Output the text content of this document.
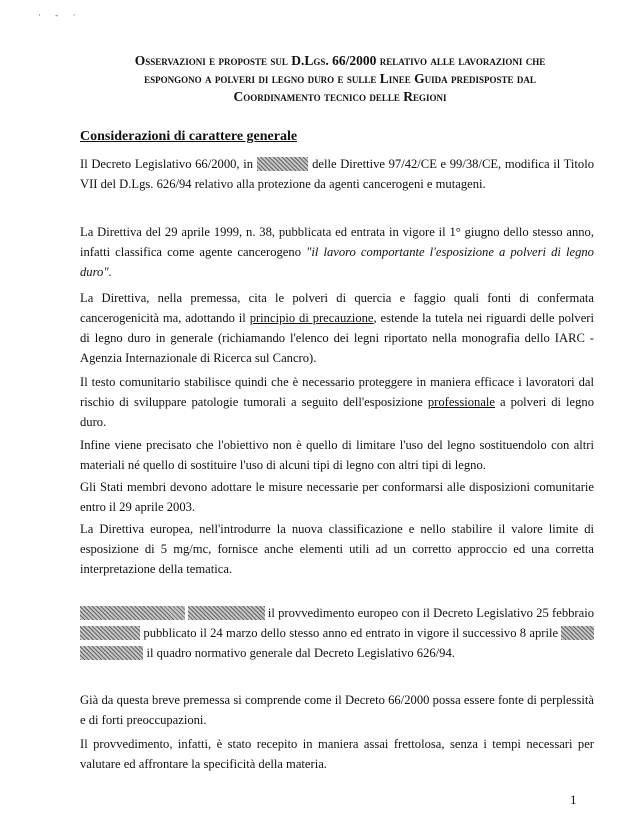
· - ·
Osservazioni e proposte sul D.Lgs. 66/2000 relativo alle lavorazioni che
espongono a polveri di legno duro e sulle Linee Guida predisposte dal
Coordinamento tecnico delle Regioni
Considerazioni di carattere generale

Il Decreto Legislativo 66/2000, in	delle Direttive 97/42/CE e 99/38/CE, modifica il Titolo VII del D.Lgs. 626/94 relativo alla protezione da agenti cancerogeni e mutageni.

La Direttiva del 29 aprile 1999, n. 38, pubblicata ed entrata in vigore il 1° giugno dello stesso anno, infatti classifica come agente cancerogeno "il lavoro comportante l'esposizione a polveri di legno duro".

La Direttiva, nella premessa, cita le polveri di quercia e faggio quali fonti di confermata cancerogenicità ma, adottando il principio di precauzione, estende la tutela nei riguardi delle polveri di legno duro in generale (richiamando l'elenco dei legni riportato nella monografia dello IARC - Agenzia Internazionale di Ricerca sul Cancro).

Il testo comunitario stabilisce quindi che è necessario proteggere in maniera efficace i lavoratori dal rischio di sviluppare patologie tumorali a seguito dell'esposizione professionale a polveri di legno duro.

Infine viene precisato che l'obiettivo non è quello di limitare l'uso del legno sostituendolo con altri materiali né quello di sostituire l'uso di alcuni tipi di legno con altri tipi di legno.

Gli Stati membri devono adottare le misure necessarie per conformarsi alle disposizioni comunitarie entro il 29 aprile 2003.

La Direttiva europea, nell'introdurre la nuova classificazione e nello stabilire il valore limite di esposizione di 5 mg/mc, fornisce anche elementi utili ad un corretto approccio ed una corretta interpretazione della tematica.

il provvedimento europeo con il Decreto Legislativo 25 febbraio pubblicato il 24 marzo dello stesso anno ed entrato in vigore il successivo 8 aprile il quadro normativo generale dal Decreto Legislativo 626/94.

Già da questa breve premessa si comprende come il Decreto 66/2000 possa essere fonte di perplessità e di forti preoccupazioni.

Il provvedimento, infatti, è stato recepito in maniera assai frettolosa, senza i tempi necessari per valutare ed affrontare la specificità della materia.

1
